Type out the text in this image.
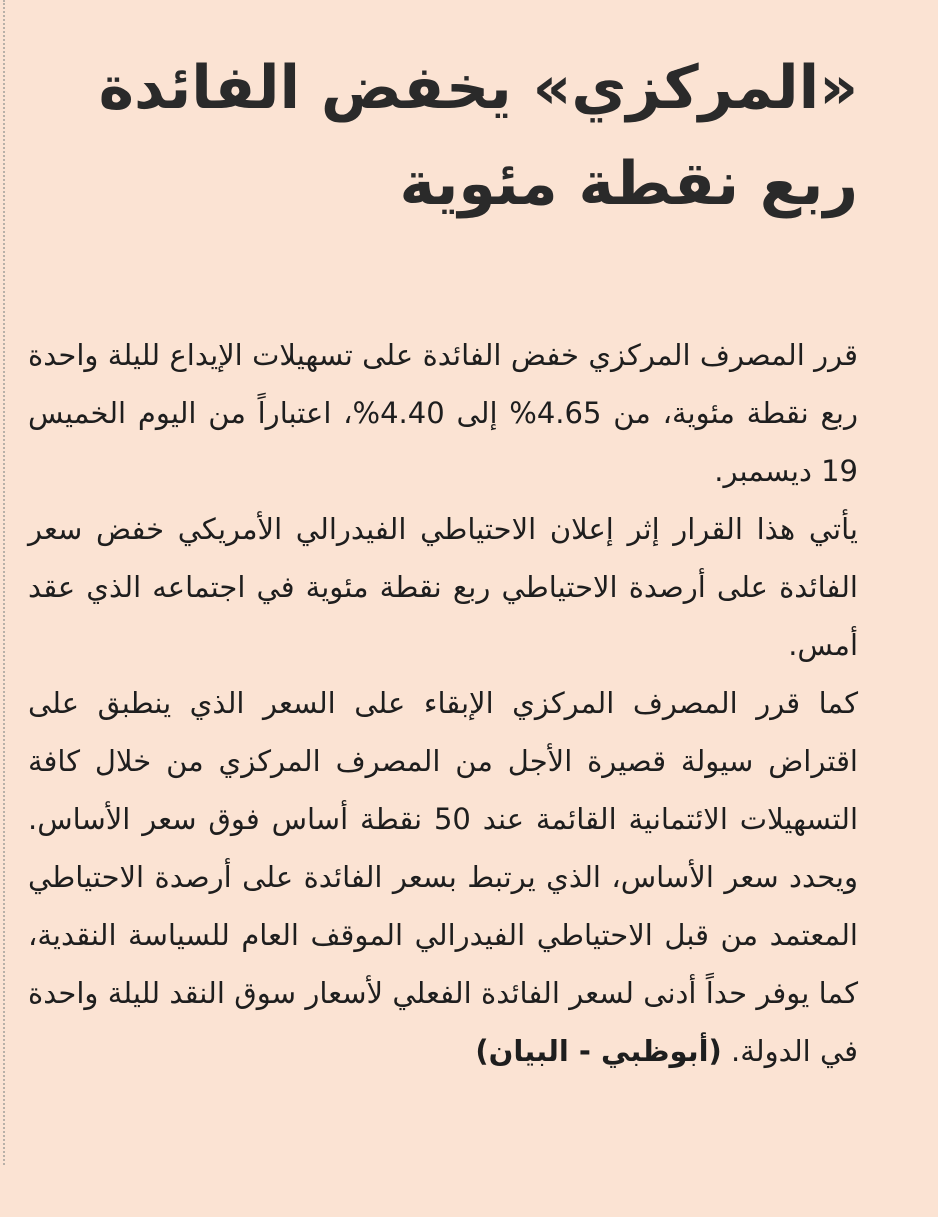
«المركزي» يخفض الفائدة
ربع نقطة مئوية

قرر المصرف المركزي خفض الفائدة على تسهيلات الإيداع لليلة واحدة ربع نقطة مئوية، من 4.65% إلى 4.40%، اعتباراً من اليوم الخميس 19 ديسمبر.

يأتي هذا القرار إثر إعلان الاحتياطي الفيدرالي الأمريكي خفض سعر الفائدة على أرصدة الاحتياطي ربع نقطة مئوية في اجتماعه الذي عقد أمس.

كما قرر المصرف المركزي الإبقاء على السعر الذي ينطبق على اقتراض سيولة قصيرة الأجل من المصرف المركزي من خلال كافة التسهيلات الائتمانية القائمة عند 50 نقطة أساس فوق سعر الأساس. ويحدد سعر الأساس، الذي يرتبط بسعر الفائدة على أرصدة الاحتياطي المعتمد من قبل الاحتياطي الفيدرالي الموقف العام للسياسة النقدية، كما يوفر حداً أدنى لسعر الفائدة الفعلي لأسعار سوق النقد لليلة واحدة في الدولة. (أبوظبي - البيان)
